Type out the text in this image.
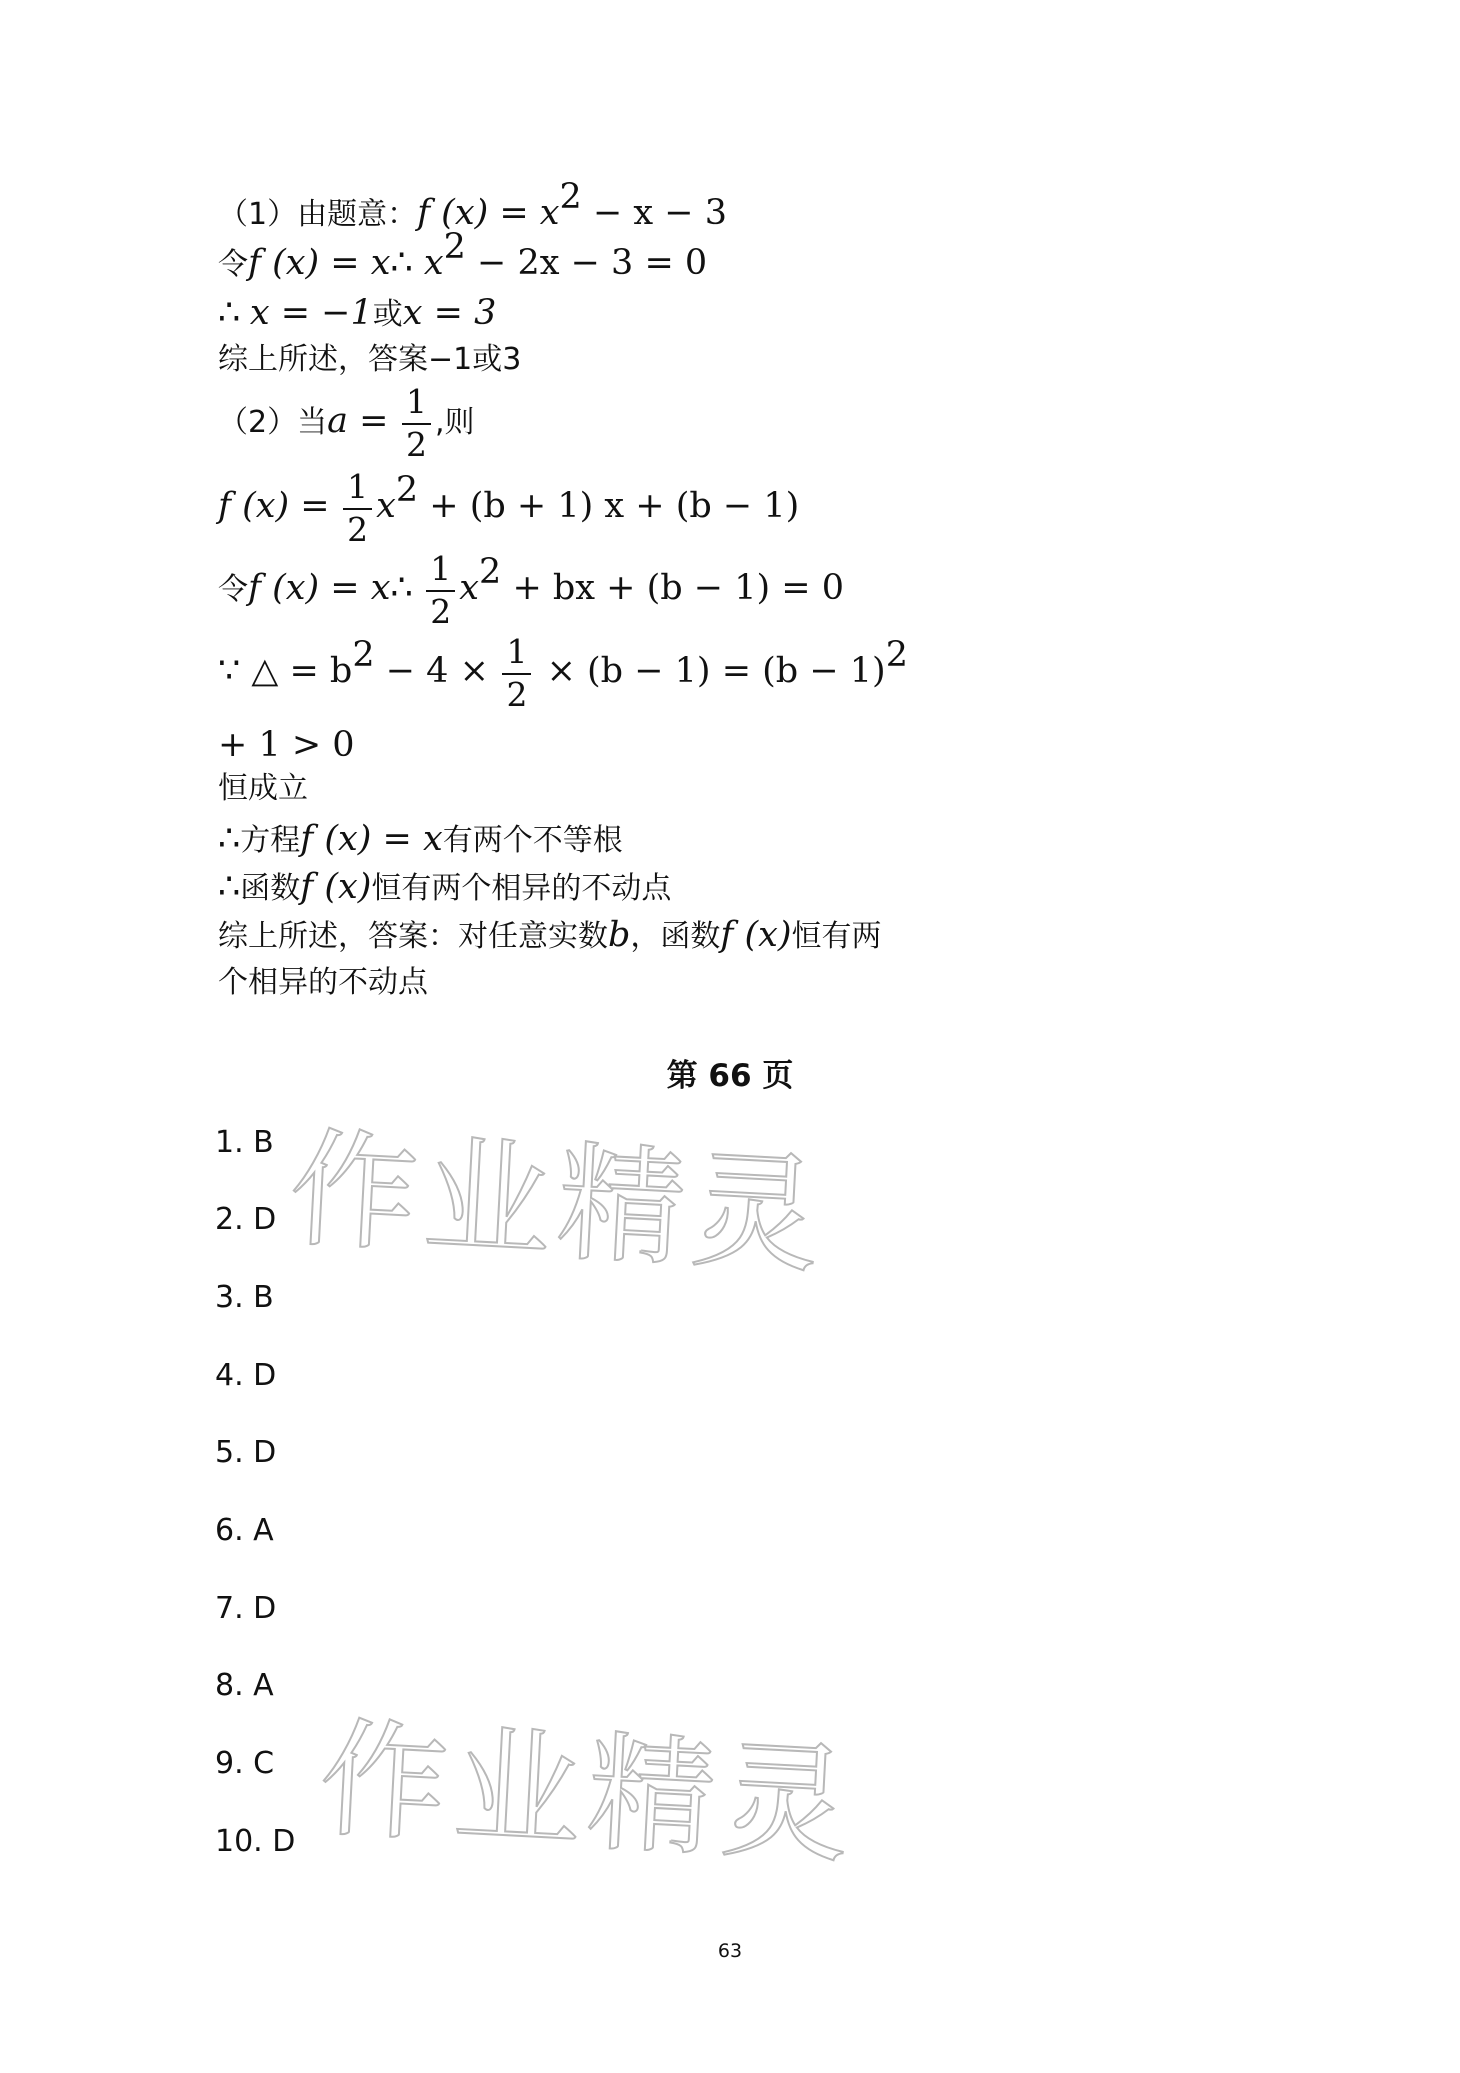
（1）由题意：f $(x) = x^2 - x - 3$
令f (x) = x∴ $x^2 - 2x - 3 = 0$
∴ x = −1或x = 3
综上所述，答案−1或3
（2）当$a = \frac{1}{2}$ ,则
f $(x) = \frac{1}{2} x^2 + (b + 1) x + (b - 1)$
令f (x) = x∴ $\frac{1}{2} x^2$ + bx + (b − 1) = 0
∵ △ = $b^2 - 4 \times \frac{1}{2} \times (b - 1) = (b - 1)^2$
+ 1 > 0
恒成立
∴方程f (x) = x有两个不等根
∴函数f (x)恒有两个相异的不动点
综上所述，答案：对任意实数b，函数f (x)恒有两
个相异的不动点
第 66 页
1. B
2. D
3. B
4. D
5. D
6. A
7. D
8. A
9. C
10. D
作业精灵
作业精灵
63
